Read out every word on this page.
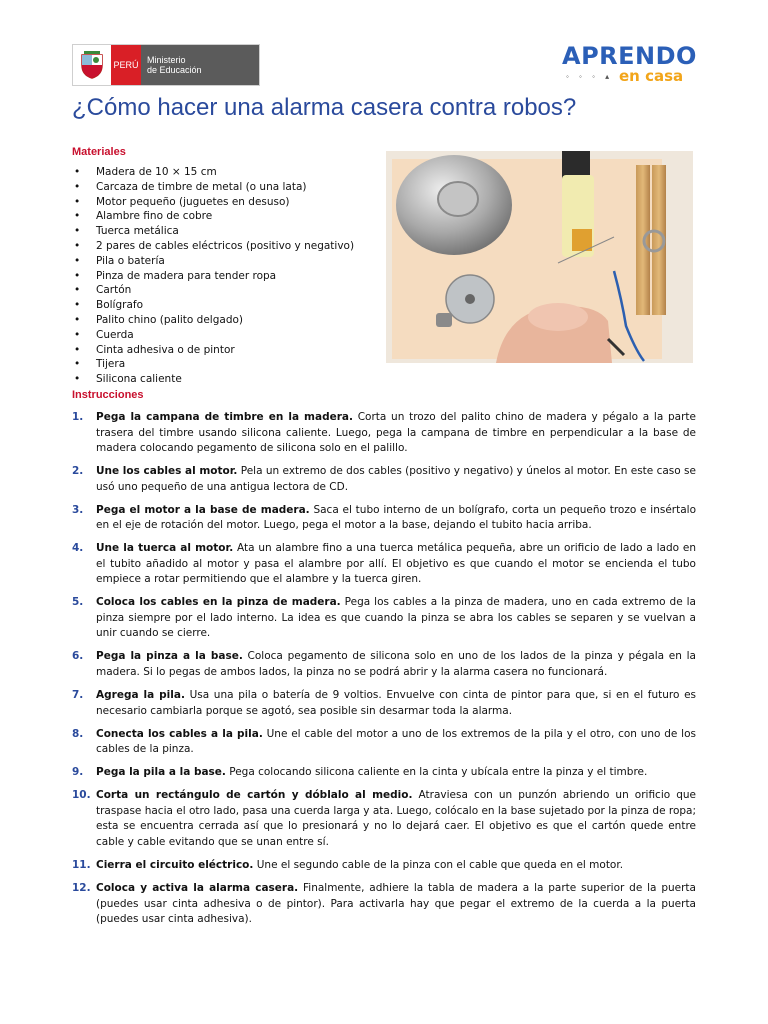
PERÚ Ministerio
de Educación	APRENDO
◦ ◦ ◦ ▴ en casa
¿Cómo hacer una alarma casera contra robos?
Materiales
• Madera de 10 × 15 cm
• Carcaza de timbre de metal (o una lata)
• Motor pequeño (juguetes en desuso)
• Alambre fino de cobre
• Tuerca metálica
• 2 pares de cables eléctricos (positivo y negativo)
• Pila o batería
• Pinza de madera para tender ropa
• Cartón
• Bolígrafo
• Palito chino (palito delgado)
• Cuerda
• Cinta adhesiva o de pintor
• Tijera
• Silicona caliente
Instrucciones
1. Pega la campana de timbre en la madera. Corta un trozo del palito chino de madera y pégalo a la parte trasera del timbre usando silicona caliente. Luego, pega la campana de timbre en perpendicular a la base de madera colocando pegamento de silicona solo en el palillo.
2. Une los cables al motor. Pela un extremo de dos cables (positivo y negativo) y únelos al motor. En este caso se usó uno pequeño de una antigua lectora de CD.
3. Pega el motor a la base de madera. Saca el tubo interno de un bolígrafo, corta un pequeño trozo e insértalo en el eje de rotación del motor. Luego, pega el motor a la base, dejando el tubito hacia arriba.
4. Une la tuerca al motor. Ata un alambre fino a una tuerca metálica pequeña, abre un orificio de lado a lado en el tubito añadido al motor y pasa el alambre por allí. El objetivo es que cuando el motor se encienda el tubo empiece a rotar permitiendo que el alambre y la tuerca giren.
5. Coloca los cables en la pinza de madera. Pega los cables a la pinza de madera, uno en cada extremo de la pinza siempre por el lado interno. La idea es que cuando la pinza se abra los cables se separen y se vuelvan a unir cuando se cierre.
6. Pega la pinza a la base. Coloca pegamento de silicona solo en uno de los lados de la pinza y pégala en la madera. Si lo pegas de ambos lados, la pinza no se podrá abrir y la alarma casera no funcionará.
7. Agrega la pila. Usa una pila o batería de 9 voltios. Envuelve con cinta de pintor para que, si en el futuro es necesario cambiarla porque se agotó, sea posible sin desarmar toda la alarma.
8. Conecta los cables a la pila. Une el cable del motor a uno de los extremos de la pila y el otro, con uno de los cables de la pinza.
9. Pega la pila a la base. Pega colocando silicona caliente en la cinta y ubícala entre la pinza y el timbre.
10. Corta un rectángulo de cartón y dóblalo al medio. Atraviesa con un punzón abriendo un orificio que traspase hacia el otro lado, pasa una cuerda larga y ata. Luego, colócalo en la base sujetado por la pinza de ropa; esta se encuentra cerrada así que lo presionará y no lo dejará caer. El objetivo es que el cartón quede entre cable y cable evitando que se unan entre sí.
11. Cierra el circuito eléctrico. Une el segundo cable de la pinza con el cable que queda en el motor.
12. Coloca y activa la alarma casera. Finalmente, adhiere la tabla de madera a la parte superior de la puerta (puedes usar cinta adhesiva o de pintor). Para activarla hay que pegar el extremo de la cuerda a la puerta (puedes usar cinta adhesiva).
